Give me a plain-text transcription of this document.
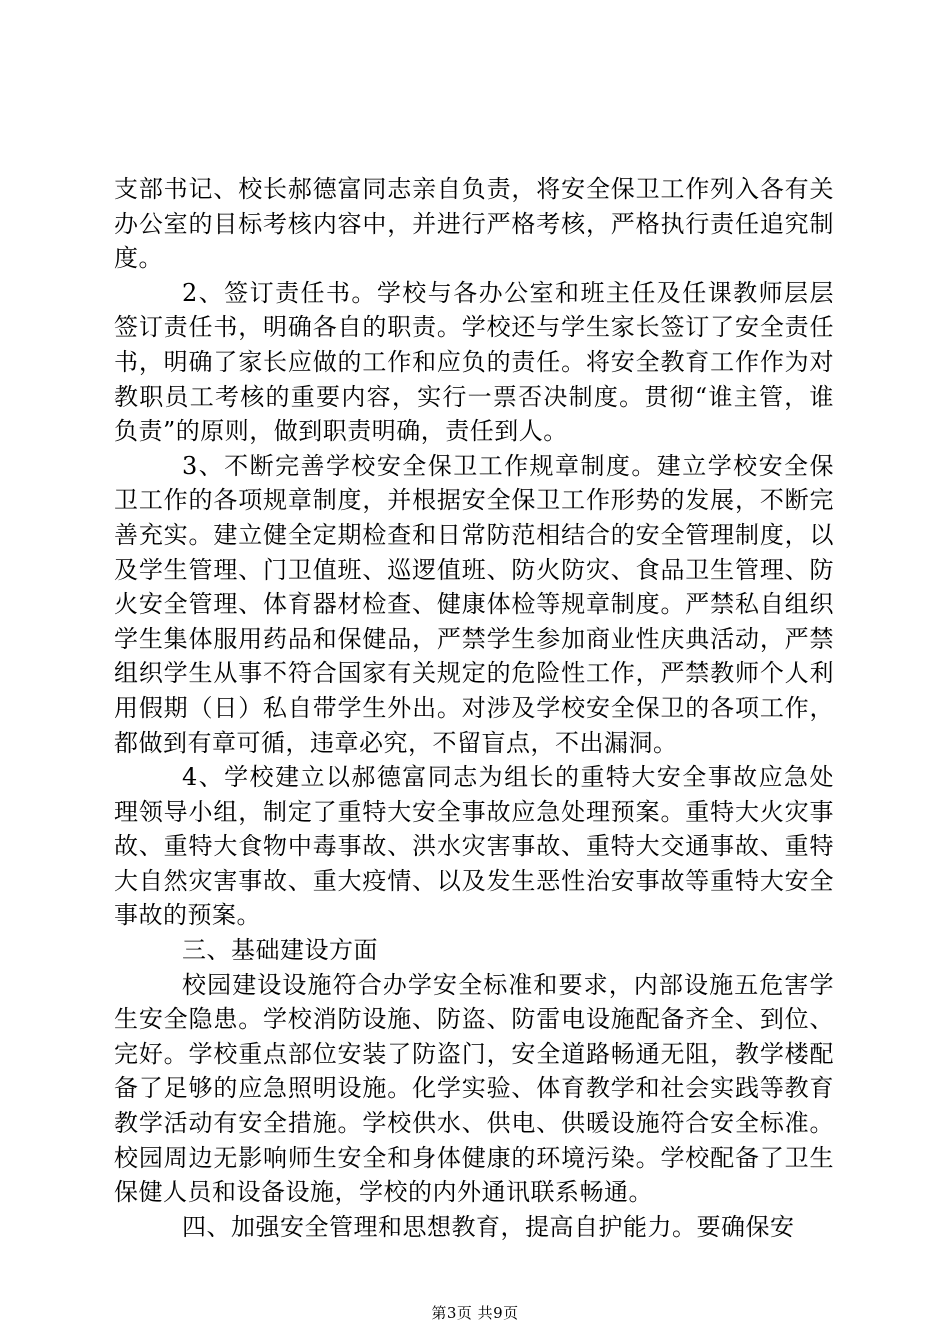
支部书记、校长郝德富同志亲自负责，将安全保卫工作列入各有关办公室的目标考核内容中，并进行严格考核，严格执行责任追究制度。

2、签订责任书。学校与各办公室和班主任及任课教师层层签订责任书，明确各自的职责。学校还与学生家长签订了安全责任书，明确了家长应做的工作和应负的责任。将安全教育工作作为对教职员工考核的重要内容，实行一票否决制度。贯彻“谁主管，谁负责”的原则，做到职责明确，责任到人。

3、不断完善学校安全保卫工作规章制度。建立学校安全保卫工作的各项规章制度，并根据安全保卫工作形势的发展，不断完善充实。建立健全定期检查和日常防范相结合的安全管理制度，以及学生管理、门卫值班、巡逻值班、防火防灾、食品卫生管理、防火安全管理、体育器材检查、健康体检等规章制度。严禁私自组织学生集体服用药品和保健品，严禁学生参加商业性庆典活动，严禁组织学生从事不符合国家有关规定的危险性工作，严禁教师个人利用假期（日）私自带学生外出。对涉及学校安全保卫的各项工作，都做到有章可循，违章必究，不留盲点，不出漏洞。

4、学校建立以郝德富同志为组长的重特大安全事故应急处理领导小组，制定了重特大安全事故应急处理预案。重特大火灾事故、重特大食物中毒事故、洪水灾害事故、重特大交通事故、重特大自然灾害事故、重大疫情、以及发生恶性治安事故等重特大安全事故的预案。

三、基础建设方面

校园建设设施符合办学安全标准和要求，内部设施五危害学生安全隐患。学校消防设施、防盗、防雷电设施配备齐全、到位、完好。学校重点部位安装了防盗门，安全道路畅通无阻，教学楼配备了足够的应急照明设施。化学实验、体育教学和社会实践等教育教学活动有安全措施。学校供水、供电、供暖设施符合安全标准。校园周边无影响师生安全和身体健康的环境污染。学校配备了卫生保健人员和设备设施，学校的内外通讯联系畅通。

四、加强安全管理和思想教育，提高自护能力。要确保安

第3页 共9页
